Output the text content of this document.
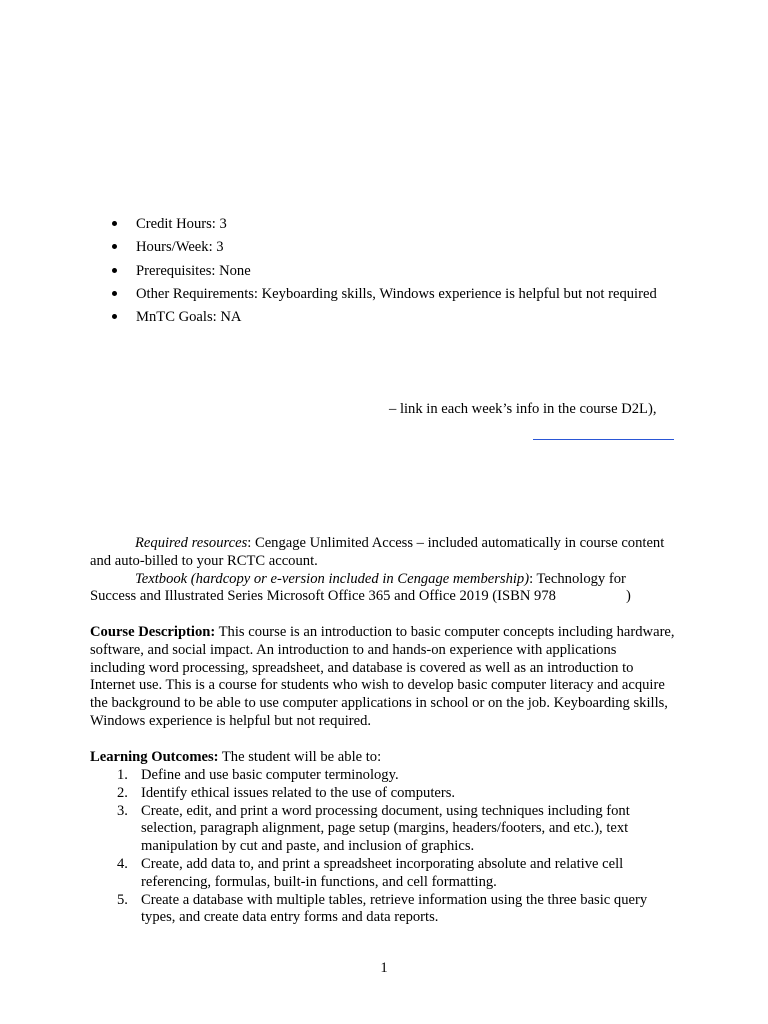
Credit Hours: 3
Hours/Week: 3
Prerequisites: None
Other Requirements: Keyboarding skills, Windows experience is helpful but not required
MnTC Goals: NA
– link in each week’s info in the course D2L),

Required resources: Cengage Unlimited Access – included automatically in course content and auto-billed to your RCTC account.

Textbook (hardcopy or e-version included in Cengage membership): Technology for Success and Illustrated Series Microsoft Office 365 and Office 2019 (ISBN 978	)

Course Description: This course is an introduction to basic computer concepts including hardware, software, and social impact. An introduction to and hands-on experience with applications including word processing, spreadsheet, and database is covered as well as an introduction to Internet use. This is a course for students who wish to develop basic computer literacy and acquire the background to be able to use computer applications in school or on the job. Keyboarding skills, Windows experience is helpful but not required.

Learning Outcomes: The student will be able to:

1. Define and use basic computer terminology.
2. Identify ethical issues related to the use of computers.
3. Create, edit, and print a word processing document, using techniques including font selection, paragraph alignment, page setup (margins, headers/footers, and etc.), text manipulation by cut and paste, and inclusion of graphics.
4. Create, add data to, and print a spreadsheet incorporating absolute and relative cell referencing, formulas, built-in functions, and cell formatting.
5. Create a database with multiple tables, retrieve information using the three basic query types, and create data entry forms and data reports.
1
